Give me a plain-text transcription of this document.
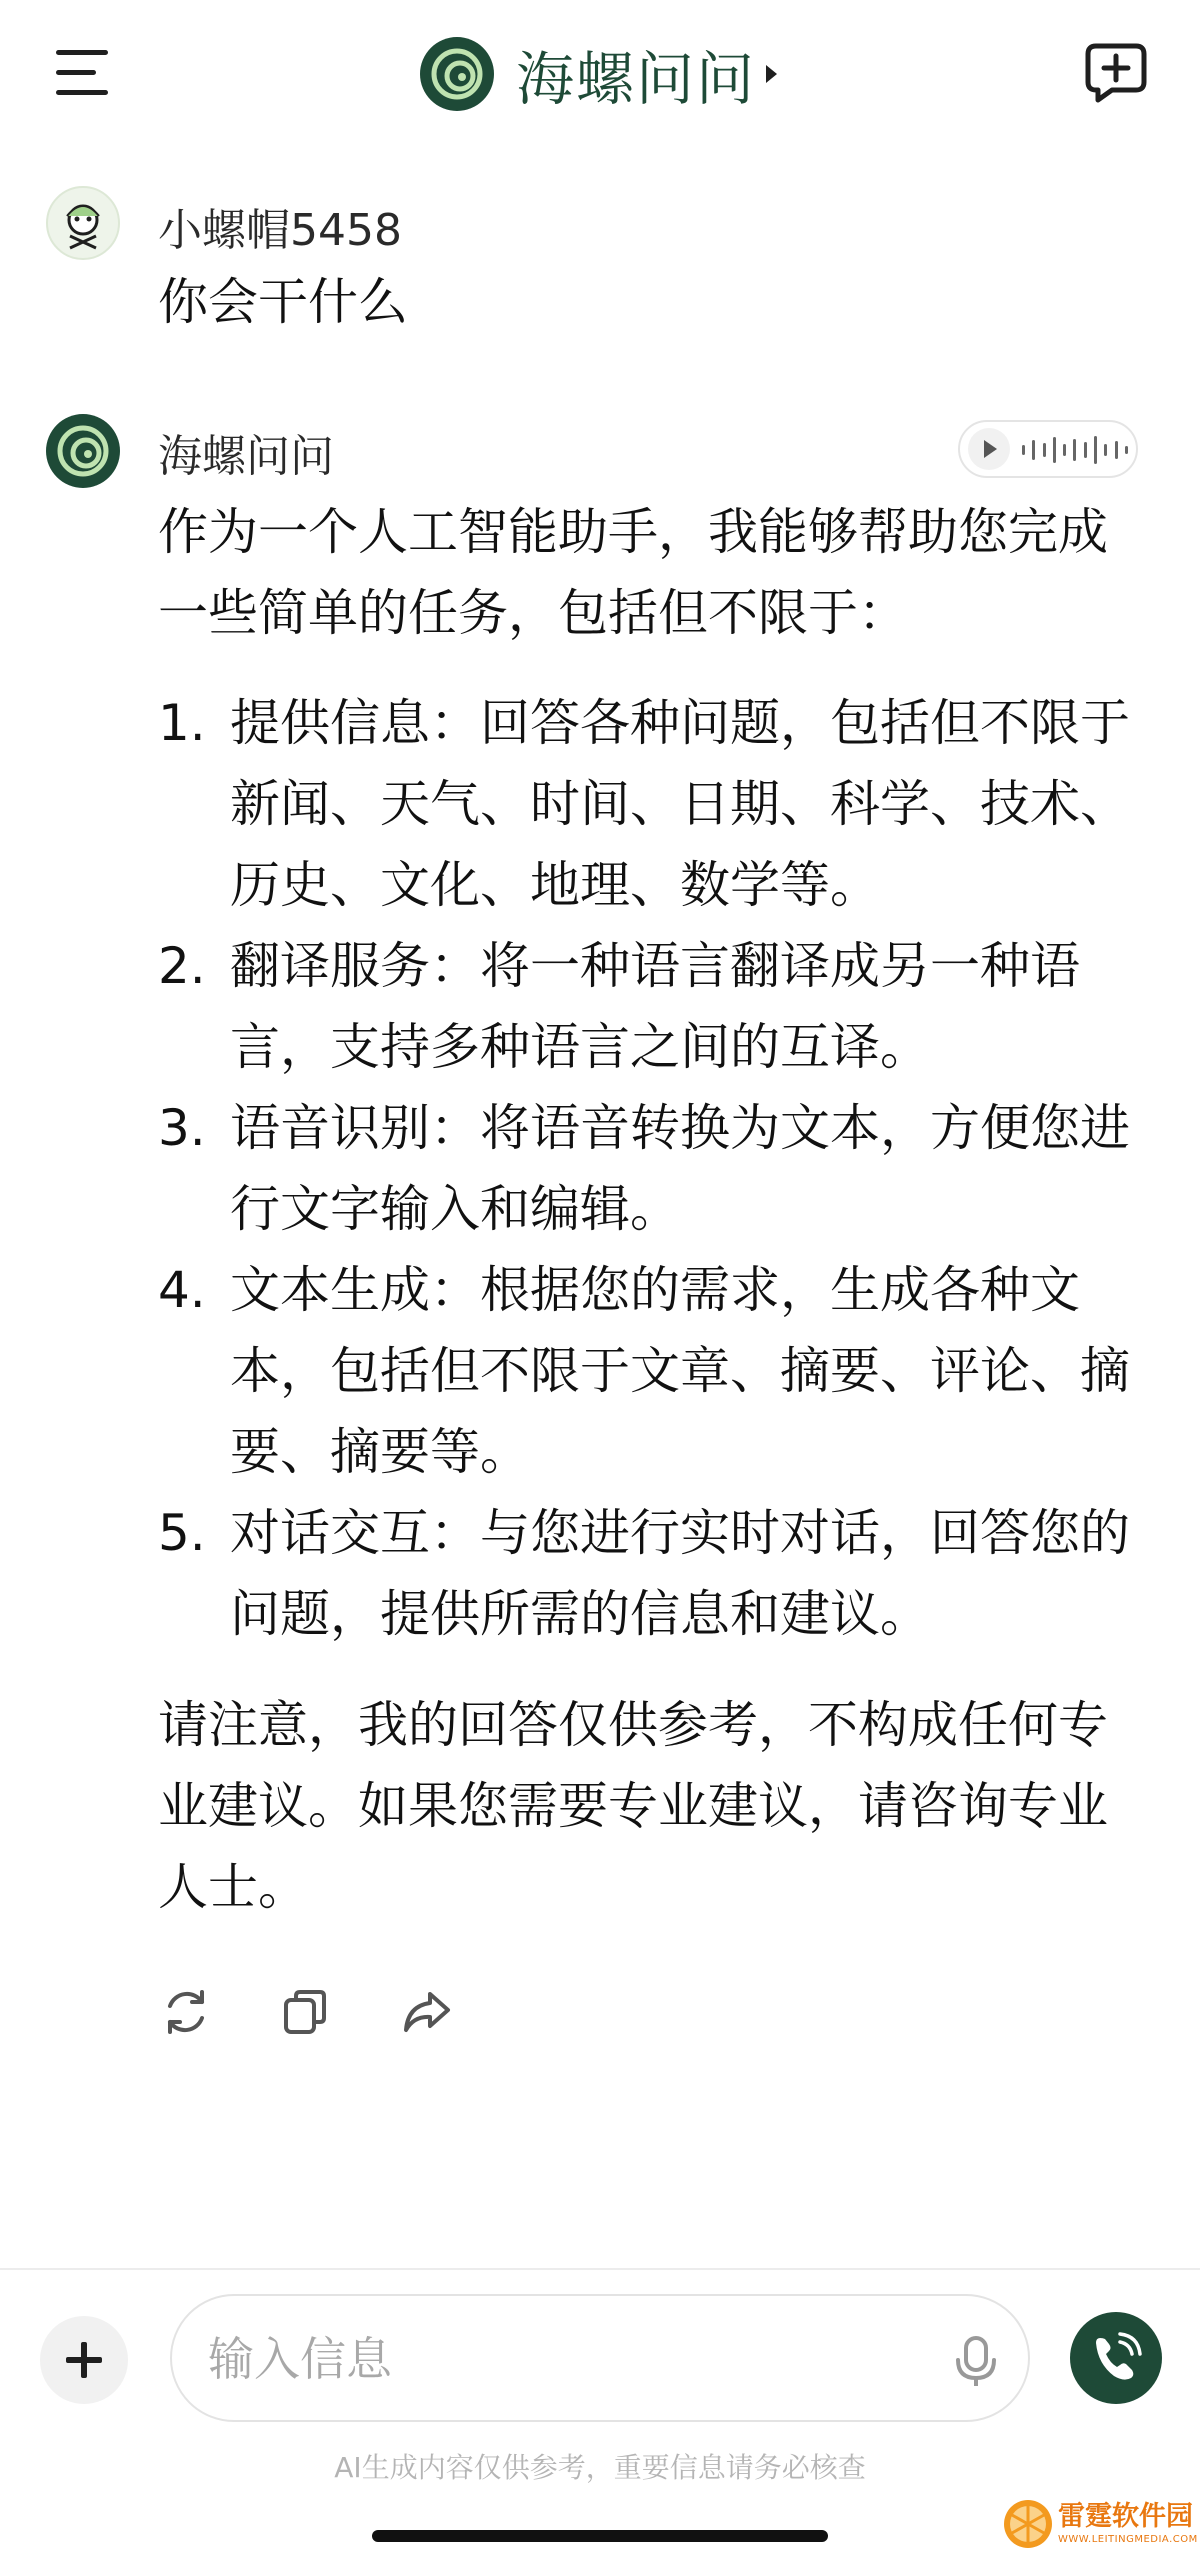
海螺问问
小螺帽5458
你会干什么
海螺问问

作为一个人工智能助手，我能够帮助您完成一些简单的任务，包括但不限于：

1. 提供信息：回答各种问题，包括但不限于新闻、天气、时间、日期、科学、技术、历史、文化、地理、数学等。
2. 翻译服务：将一种语言翻译成另一种语言，支持多种语言之间的互译。
3. 语音识别：将语音转换为文本，方便您进行文字输入和编辑。
4. 文本生成：根据您的需求，生成各种文本，包括但不限于文章、摘要、评论、摘要、摘要等。
5. 对话交互：与您进行实时对话，回答您的问题，提供所需的信息和建议。

请注意，我的回答仅供参考，不构成任何专业建议。如果您需要专业建议，请咨询专业人士。

输入信息
AI生成内容仅供参考，重要信息请务必核查
雷霆软件园
WWW.LEITINGMEDIA.COM
